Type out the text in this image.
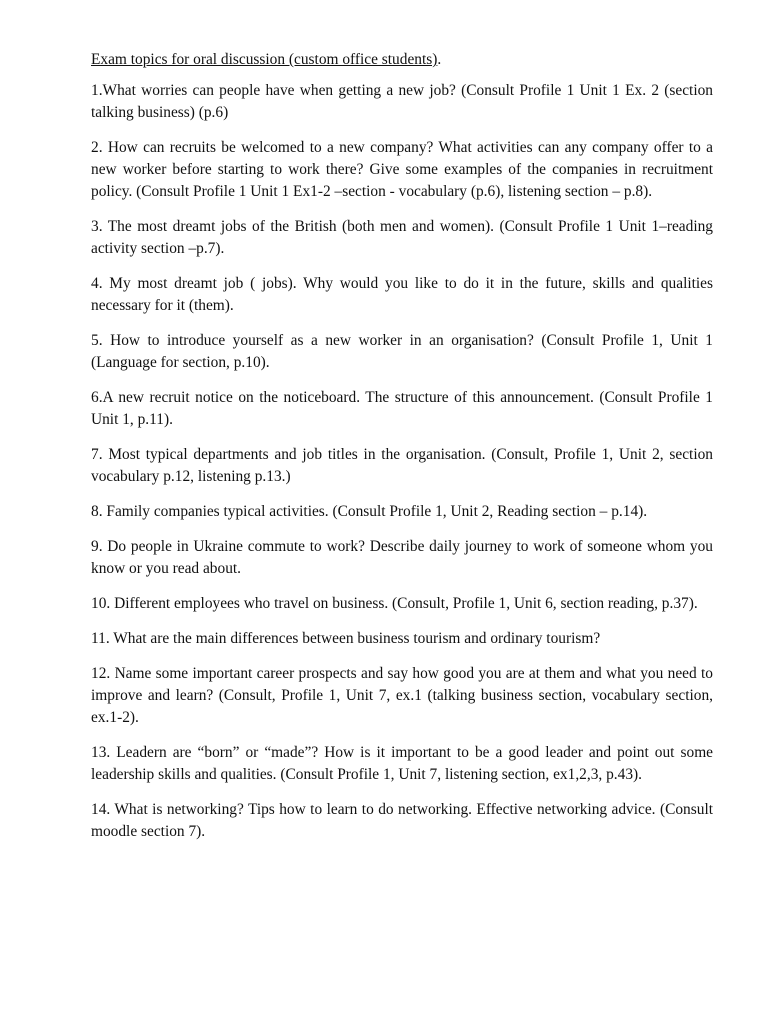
Exam topics for oral discussion (custom office students).

1.What worries can people have when getting a new job? (Consult Profile 1 Unit 1 Ex. 2 (section talking business) (p.6)

2. How can recruits be welcomed to a new company? What activities can any company offer to a new worker before starting to work there? Give some examples of the companies in recruitment policy. (Consult Profile 1 Unit 1 Ex1-2 –section - vocabulary (p.6), listening section – p.8).

3. The most dreamt jobs of the British (both men and women). (Consult Profile 1 Unit 1–reading activity section –p.7).

4. My most dreamt job ( jobs). Why would you like to do it in the future, skills and qualities necessary for it (them).

5. How to introduce yourself as a new worker in an organisation? (Consult Profile 1, Unit 1 (Language for section, p.10).

6.A new recruit notice on the noticeboard. The structure of this announcement. (Consult Profile 1 Unit 1, p.11).

7. Most typical departments and job titles in the organisation. (Consult, Profile 1, Unit 2, section vocabulary p.12, listening p.13.)

8. Family companies typical activities. (Consult Profile 1, Unit 2, Reading section – p.14).

9. Do people in Ukraine commute to work? Describe daily journey to work of someone whom you know or you read about.

10. Different employees who travel on business. (Consult, Profile 1, Unit 6, section reading, p.37).

11. What are the main differences between business tourism and ordinary tourism?

12. Name some important career prospects and say how good you are at them and what you need to improve and learn? (Consult, Profile 1, Unit 7, ex.1 (talking business section, vocabulary section, ex.1-2).

13. Leadern are “born” or “made”? How is it important to be a good leader and point out some leadership skills and qualities. (Consult Profile 1, Unit 7, listening section, ex1,2,3, p.43).

14. What is networking? Tips how to learn to do networking. Effective networking advice. (Consult moodle section 7).
